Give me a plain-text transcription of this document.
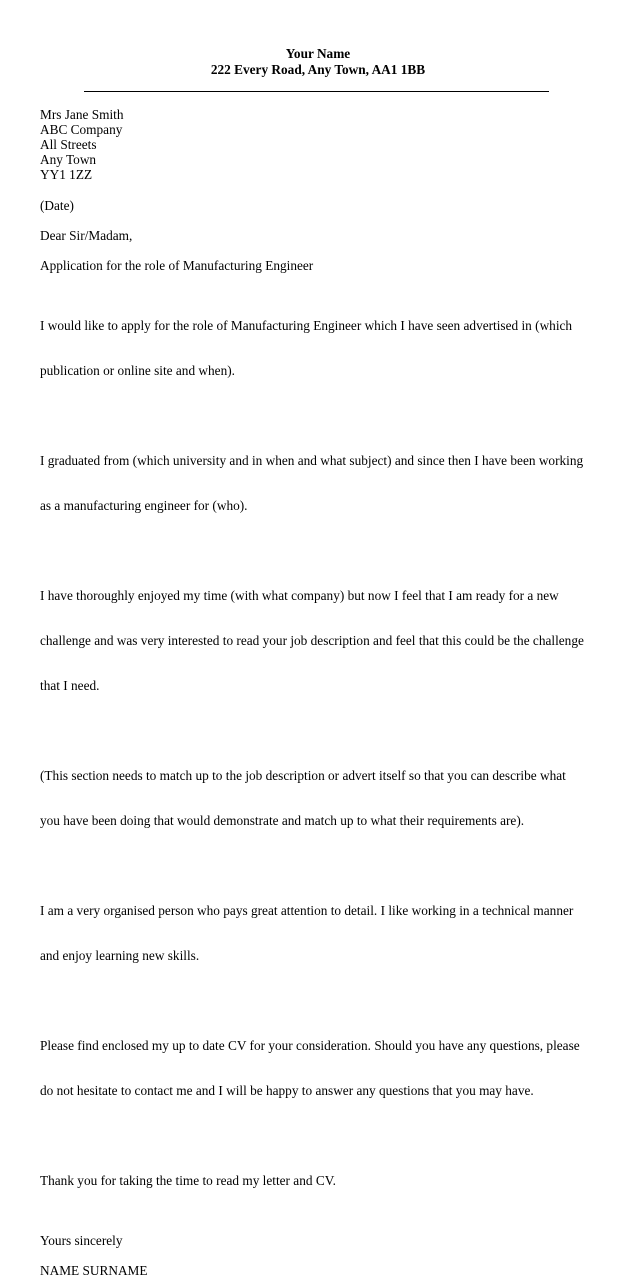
Your Name
222 Every Road, Any Town, AA1 1BB
Mrs Jane Smith
ABC Company
All Streets
Any Town
YY1 1ZZ
(Date)
Dear Sir/Madam,
Application for the role of Manufacturing Engineer

I would like to apply for the role of Manufacturing Engineer which I have seen advertised in (which

publication or online site and when).

I graduated from (which university and in when and what subject) and since then I have been working

as a manufacturing engineer for (who).

I have thoroughly enjoyed my time (with what company) but now I feel that I am ready for a new

challenge and was very interested to read your job description and feel that this could be the challenge

that I need.

(This section needs to match up to the job description or advert itself so that you can describe what

you have been doing that would demonstrate and match up to what their requirements are).

I am a very organised person who pays great attention to detail. I like working in a technical manner

and enjoy learning new skills.

Please find enclosed my up to date CV for your consideration. Should you have any questions, please

do not hesitate to contact me and I will be happy to answer any questions that you may have.

Thank you for taking the time to read my letter and CV.

Yours sincerely
NAME SURNAME
